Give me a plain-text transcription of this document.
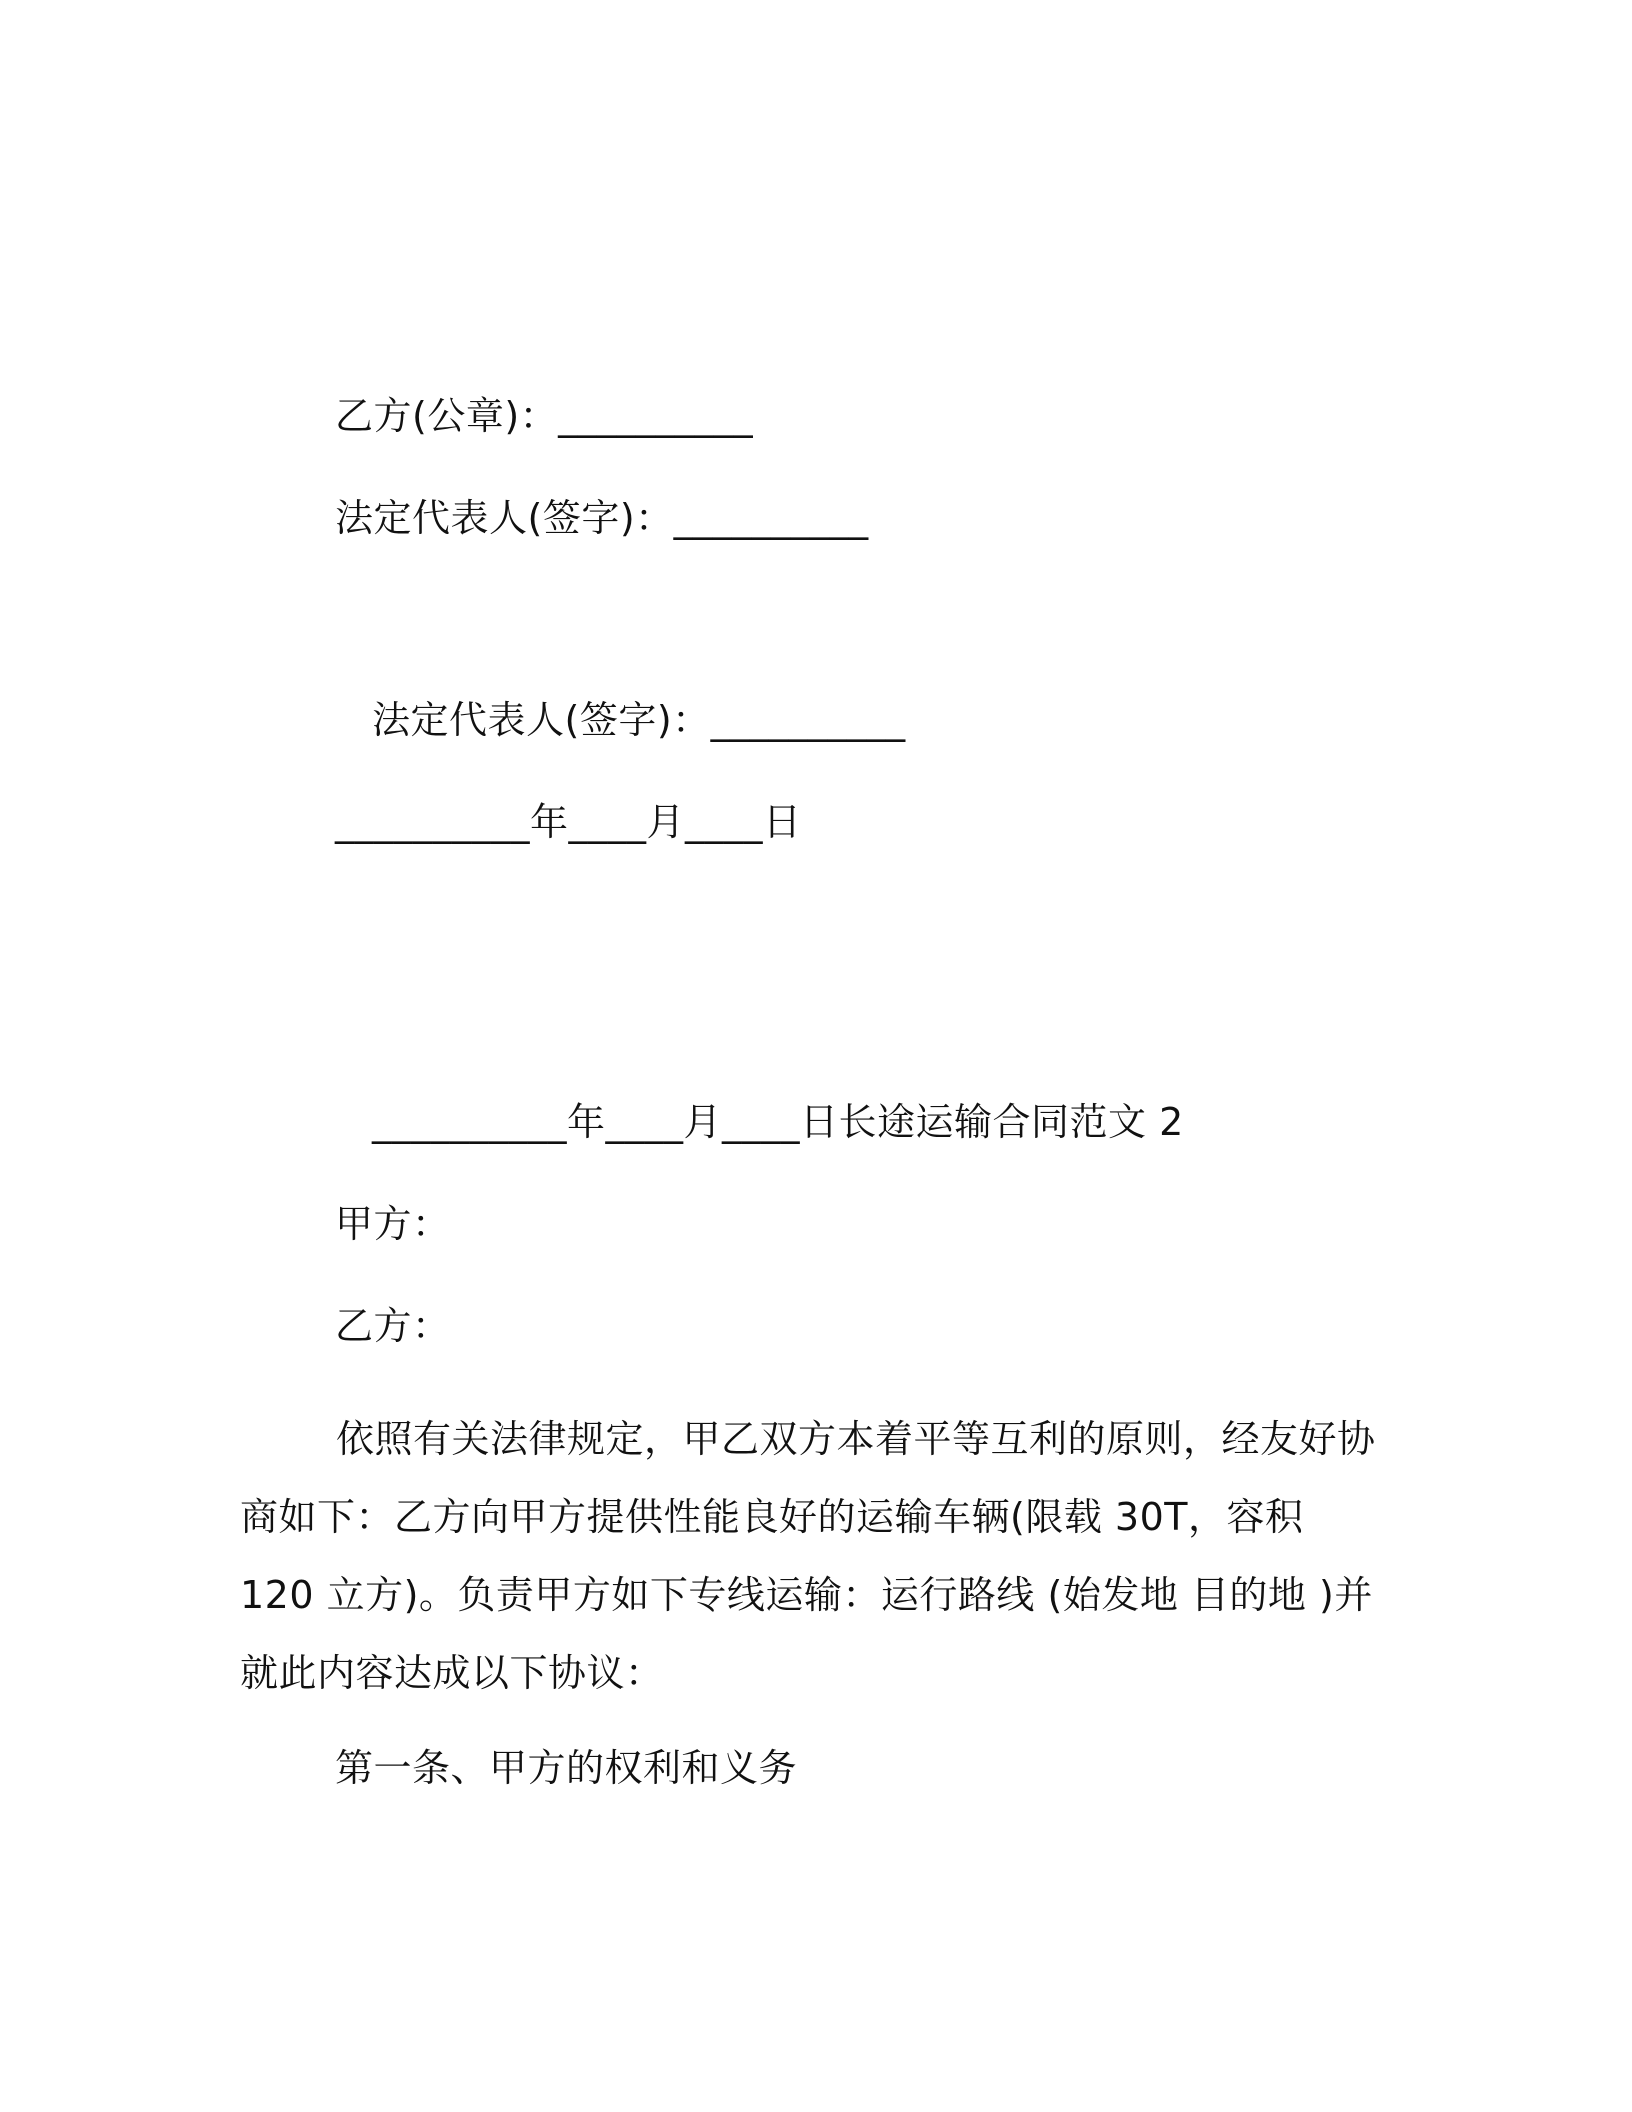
乙方(公章)：__________
法定代表人(签字)：__________
法定代表人(签字)：__________
__________年____月____日
__________年____月____日长途运输合同范文 2
甲方：
乙方：
依照有关法律规定，甲乙双方本着平等互利的原则，经友好协商如下：乙方向甲方提供性能良好的运输车辆(限载 30T，容积 120 立方)。负责甲方如下专线运输：运行路线 (始发地 目的地 )并就此内容达成以下协议：
第一条、甲方的权利和义务
